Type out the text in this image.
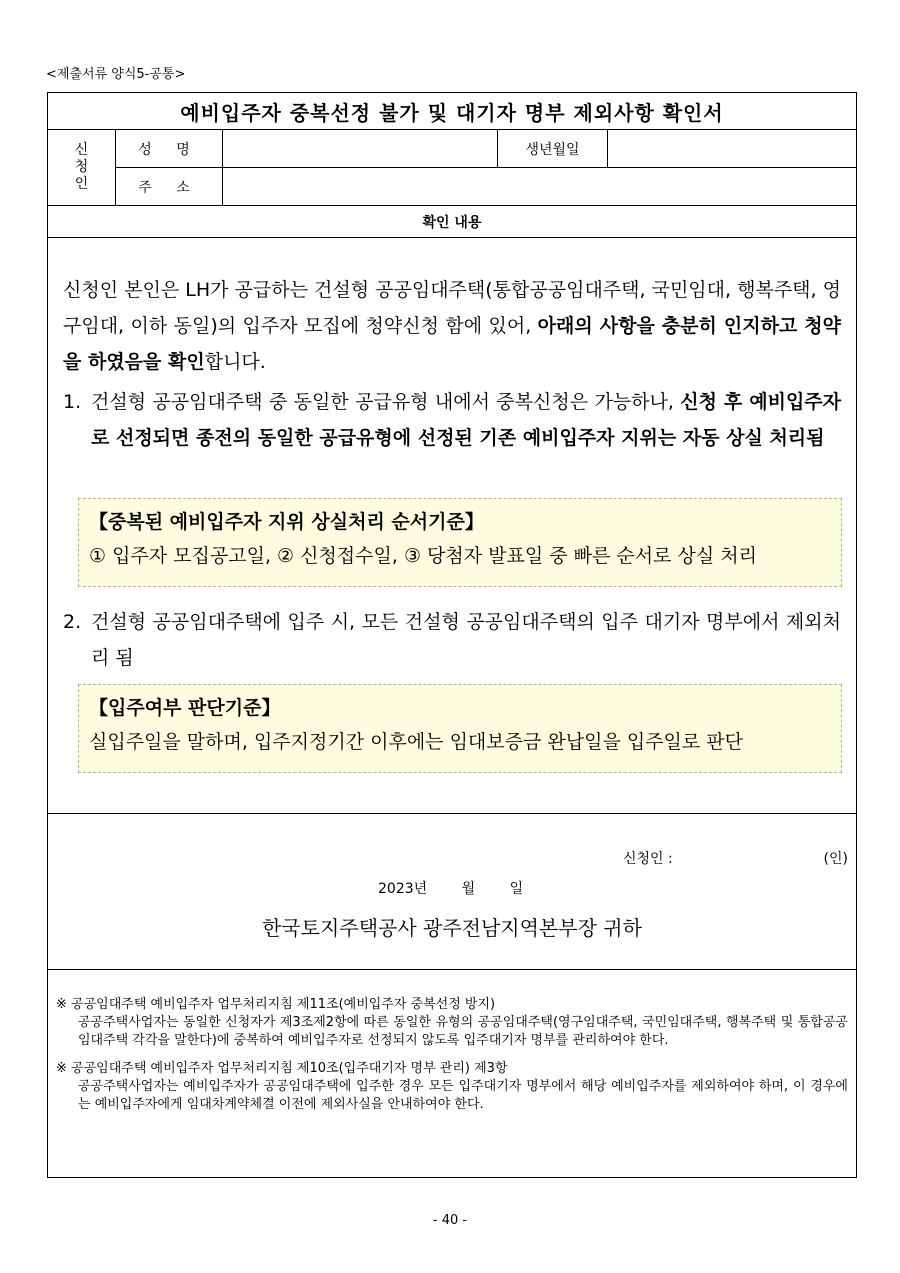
<제출서류 양식5-공통>
예비입주자 중복선정 불가 및 대기자 명부 제외사항 확인서
신
청
인
성 명	생년월일
주 소
확인 내용
신청인 본인은 LH가 공급하는 건설형 공공임대주택(통합공공임대주택, 국민임대, 행복주택, 영구임대, 이하 동일)의 입주자 모집에 청약신청 함에 있어, 아래의 사항을 충분히 인지하고 청약을 하였음을 확인합니다.
1. 건설형 공공임대주택 중 동일한 공급유형 내에서 중복신청은 가능하나, 신청 후 예비입주자로 선정되면 종전의 동일한 공급유형에 선정된 기존 예비입주자 지위는 자동 상실 처리됨
【중복된 예비입주자 지위 상실처리 순서기준】
① 입주자 모집공고일, ② 신청접수일, ③ 당첨자 발표일 중 빠른 순서로 상실 처리
2. 건설형 공공임대주택에 입주 시, 모든 건설형 공공임대주택의 입주 대기자 명부에서 제외처리 됨
【입주여부 판단기준】
실입주일을 말하며, 입주지정기간 이후에는 임대보증금 완납일을 입주일로 판단
신청인 :	(인)
2023년 월 일
한국토지주택공사 광주전남지역본부장 귀하
※ 공공임대주택 예비입주자 업무처리지침 제11조(예비입주자 중복선정 방지)
공공주택사업자는 동일한 신청자가 제3조제2항에 따른 동일한 유형의 공공임대주택(영구임대주택, 국민임대주택, 행복주택 및 통합공공임대주택 각각을 말한다)에 중복하여 예비입주자로 선정되지 않도록 입주대기자 명부를 관리하여야 한다.
※ 공공임대주택 예비입주자 업무처리지침 제10조(입주대기자 명부 관리) 제3항
공공주택사업자는 예비입주자가 공공임대주택에 입주한 경우 모든 입주대기자 명부에서 해당 예비입주자를 제외하여야 하며, 이 경우에는 예비입주자에게 임대차계약체결 이전에 제외사실을 안내하여야 한다.
- 40 -
